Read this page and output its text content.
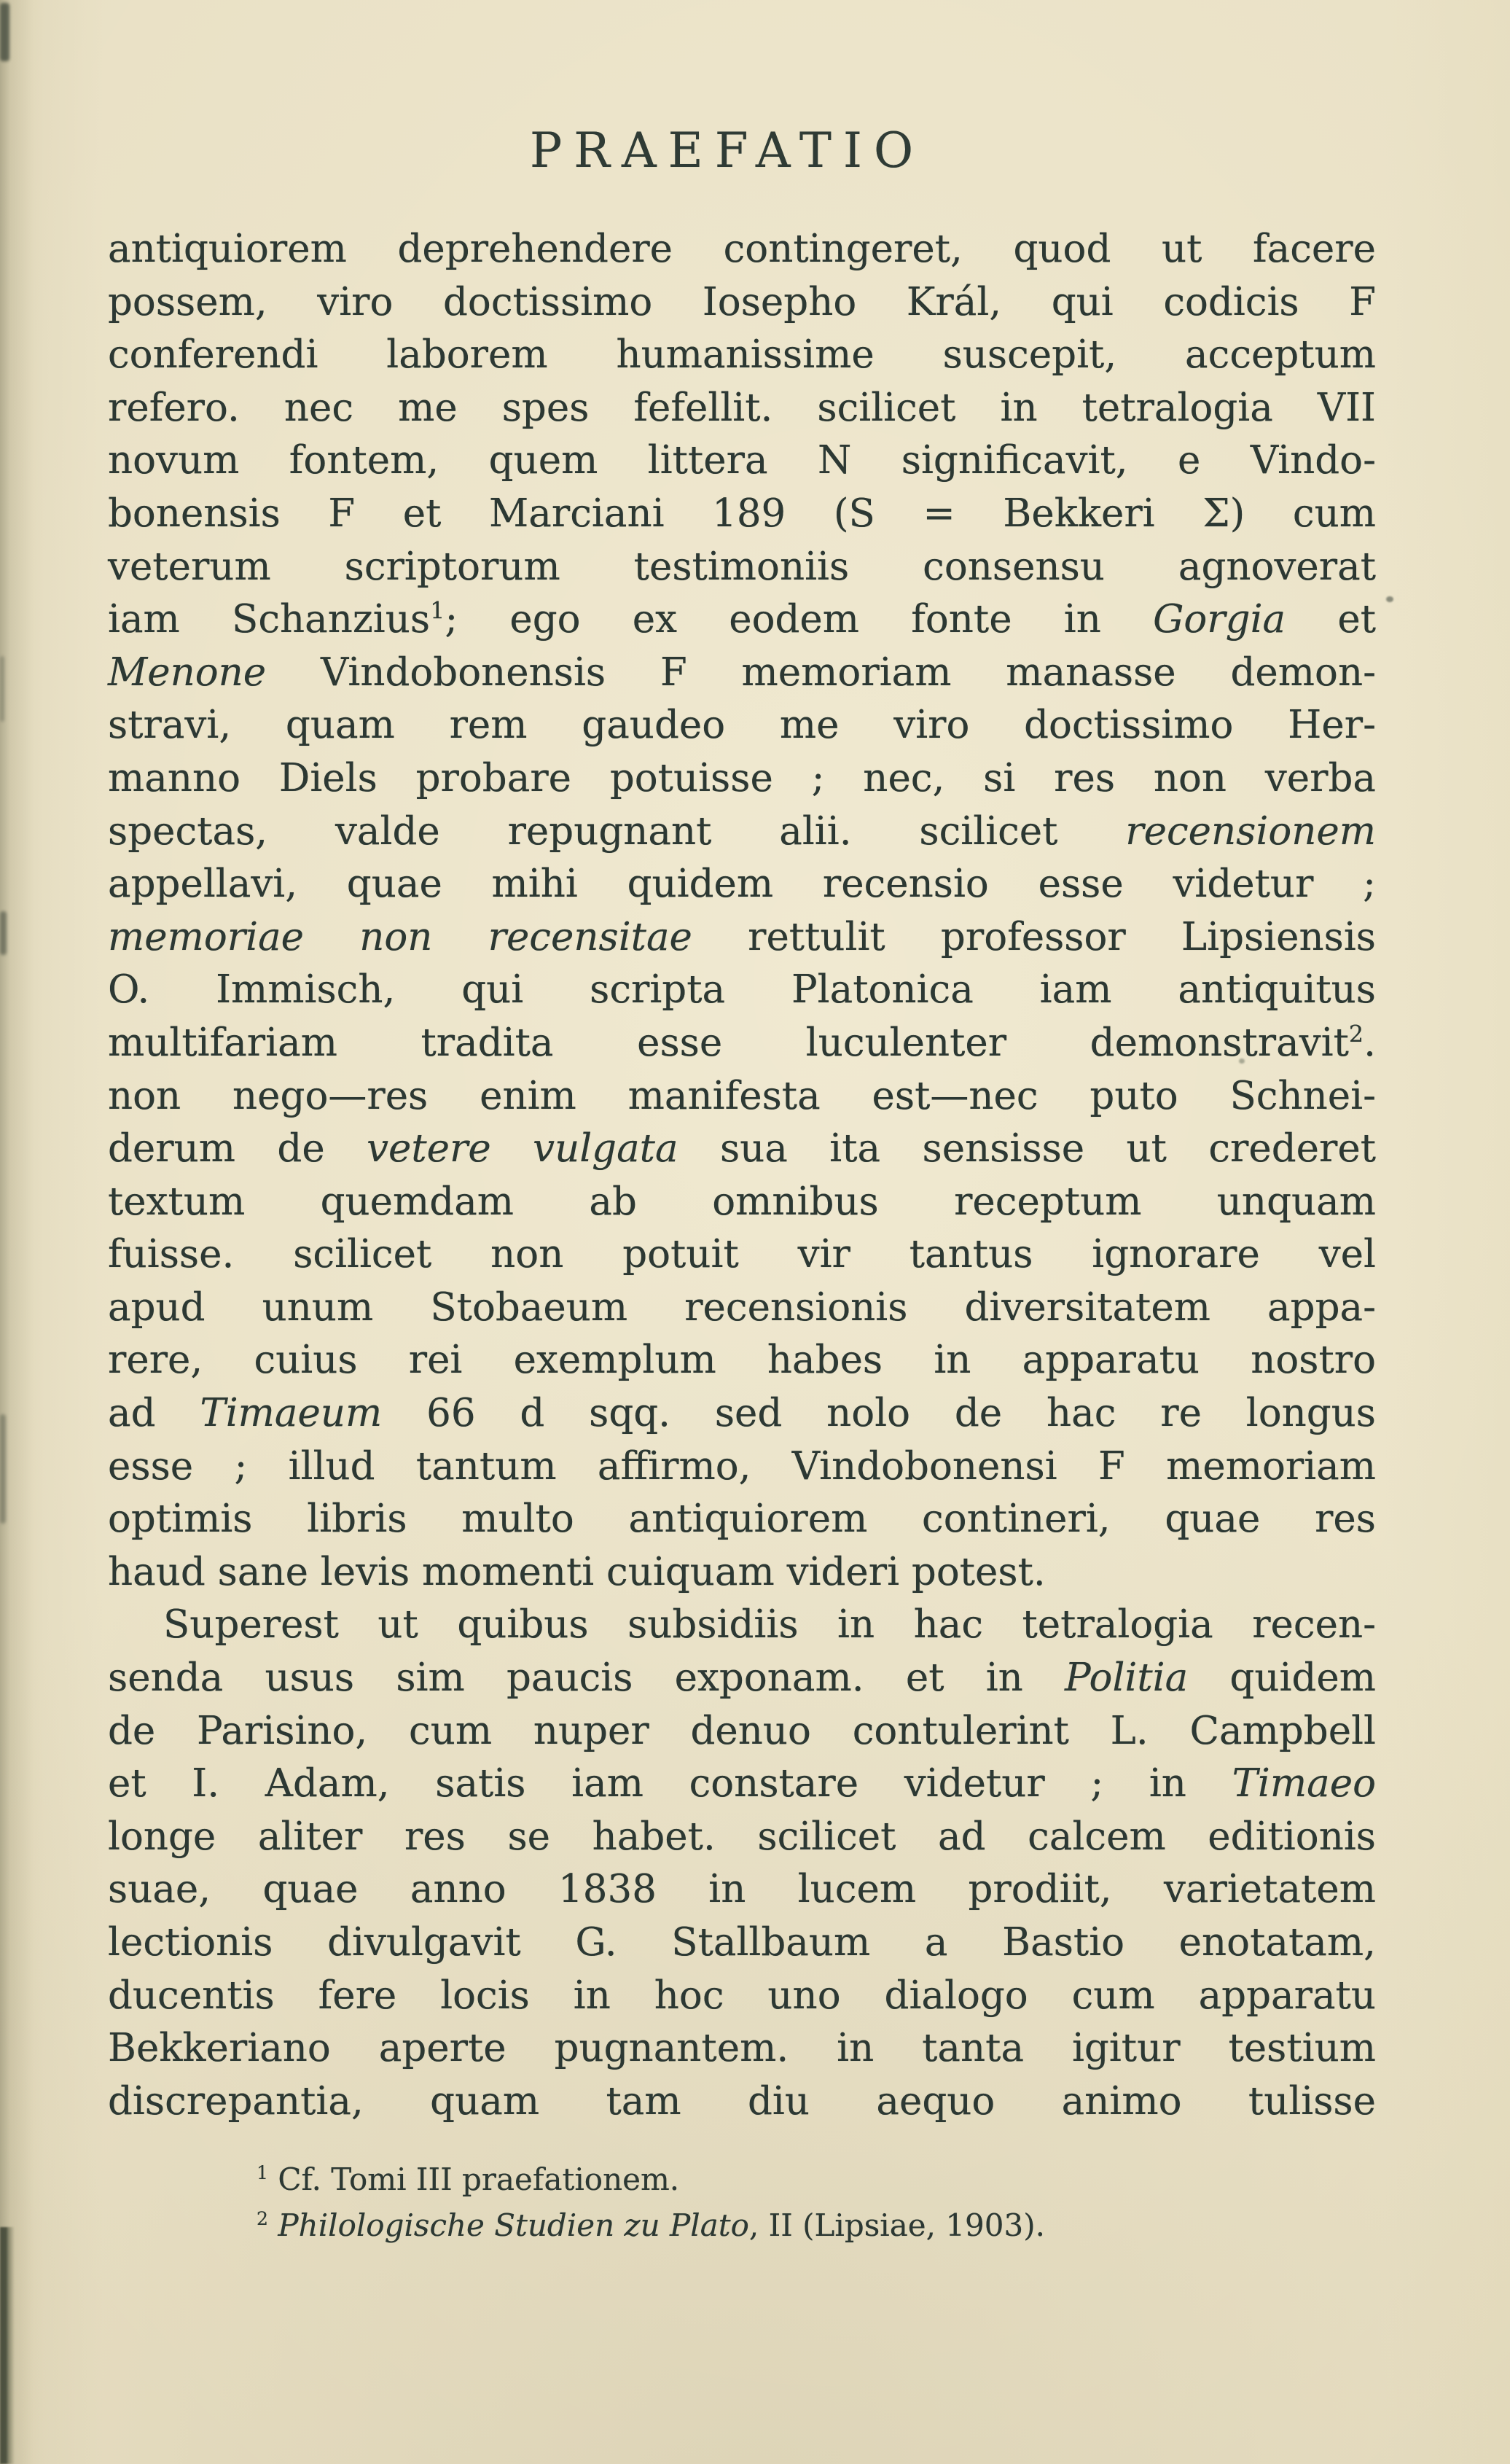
PRAEFATIO
antiquiorem deprehendere contingeret, quod ut facere
possem, viro doctissimo Iosepho Král, qui codicis F
conferendi laborem humanissime suscepit, acceptum
refero. nec me spes fefellit. scilicet in tetralogia VII
novum fontem, quem littera N significavit, e Vindo-
bonensis F et Marciani 189 (S = Bekkeri Σ) cum
veterum scriptorum testimoniis consensu agnoverat
iam Schanzius$^1$; ego ex eodem fonte in Gorgia et
Menone Vindobonensis F memoriam manasse demon-
stravi, quam rem gaudeo me viro doctissimo Her-
manno Diels probare potuisse ; nec, si res non verba
spectas, valde repugnant alii. scilicet recensionem
appellavi, quae mihi quidem recensio esse videtur ;
memoriae non recensitae rettulit professor Lipsiensis
O. Immisch, qui scripta Platonica iam antiquitus
multifariam tradita esse luculenter demonstravit$^2$.
non nego—res enim manifesta est—nec puto Schnei-
derum de vetere vulgata sua ita sensisse ut crederet
textum quemdam ab omnibus receptum unquam
fuisse. scilicet non potuit vir tantus ignorare vel
apud unum Stobaeum recensionis diversitatem appa-
rere, cuius rei exemplum habes in apparatu nostro
ad Timaeum 66 d sqq. sed nolo de hac re longus
esse ; illud tantum affirmo, Vindobonensi F memoriam
optimis libris multo antiquiorem contineri, quae res
haud sane levis momenti cuiquam videri potest.
Superest ut quibus subsidiis in hac tetralogia recen-
senda usus sim paucis exponam. et in Politia quidem
de Parisino, cum nuper denuo contulerint L. Campbell
et I. Adam, satis iam constare videtur ; in Timaeo
longe aliter res se habet. scilicet ad calcem editionis
suae, quae anno 1838 in lucem prodiit, varietatem
lectionis divulgavit G. Stallbaum a Bastio enotatam,
ducentis fere locis in hoc uno dialogo cum apparatu
Bekkeriano aperte pugnantem. in tanta igitur testium
discrepantia, quam tam diu aequo animo tulisse
$^1$ Cf. Tomi III praefationem.
$^2$ Philologische Studien zu Plato, II (Lipsiae, 1903).
